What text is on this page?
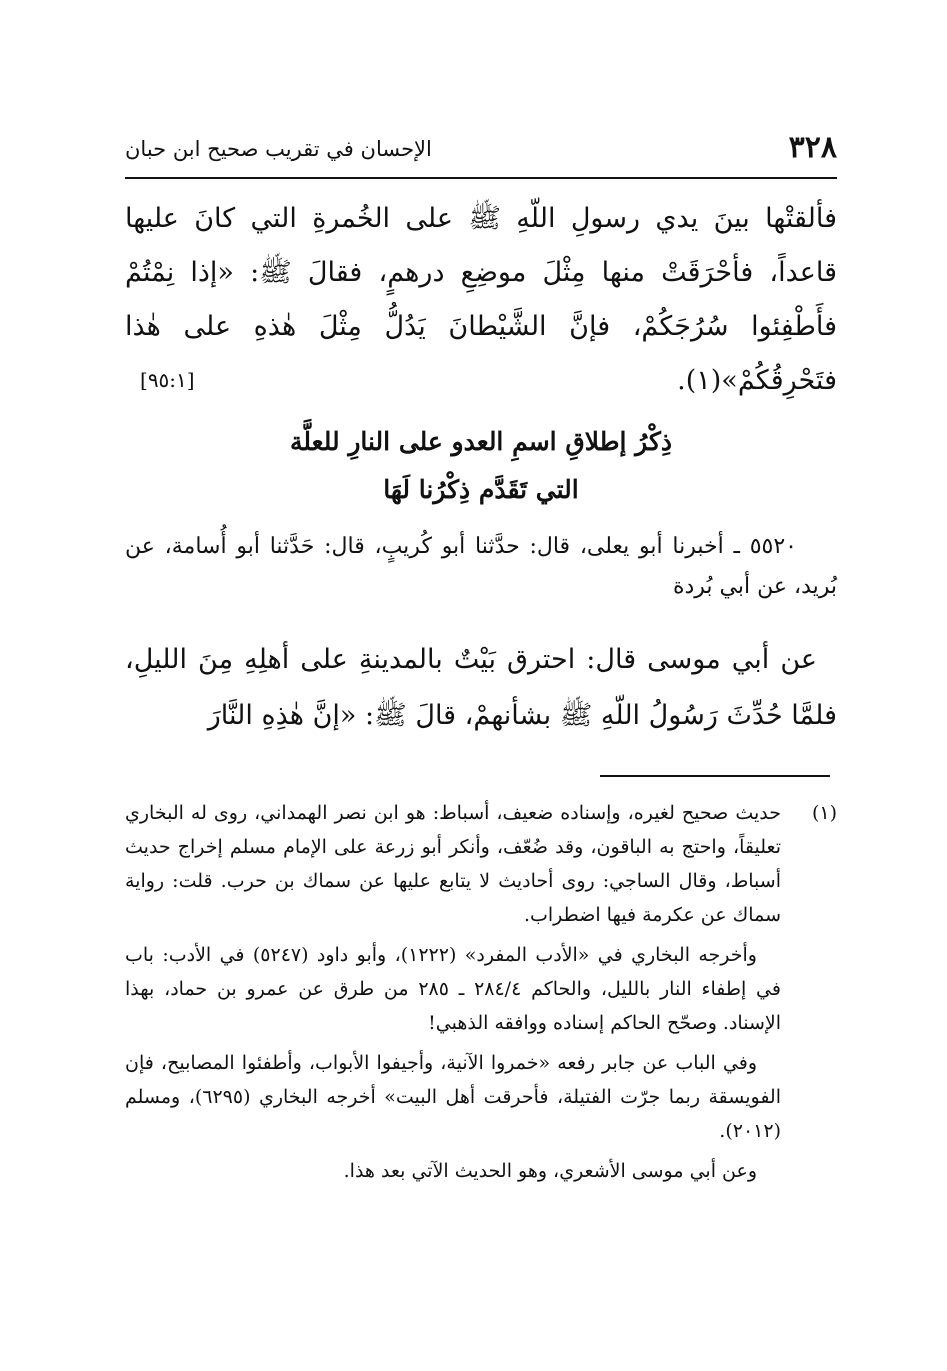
٣٢٨
الإحسان في تقريب صحيح ابن حبان

فألقتْها بينَ يدي رسولِ اللّهِ ﷺ على الخُمرةِ التي كانَ عليها قاعداً، فأحْرَقَتْ منها مِثْلَ موضِعِ درهمٍ، فقالَ ﷺ: «إذا نِمْتُمْ فأَطْفِئوا سُرُجَكُمْ، فإنَّ الشَّيْطانَ يَدُلُّ مِثْلَ هٰذهِ على هٰذا فتَحْرِقُكُمْ»(١).

[٩٥:١]
ذِكْرُ إطلاقِ اسمِ العدو على النارِ للعلَّة
التي تَقَدَّم ذِكْرُنا لَهَا

٥٥٢٠ ـ أخبرنا أبو يعلى، قال: حدَّثنا أبو كُريبٍ، قال: حَدَّثنا أبو أُسامة، عن بُريد، عن أبي بُردة

عن أبي موسى قال: احترق بَيْتٌ بالمدينةِ على أهلِهِ مِنَ الليلِ، فلمَّا حُدِّثَ رَسُولُ اللّهِ ﷺ بشأنهمْ، قالَ ﷺ: «إنَّ هٰذِهِ النَّارَ

(١)
حديث صحيح لغيره، وإسناده ضعيف، أسباط: هو ابن نصر الهمداني، روى له البخاري تعليقاً، واحتج به الباقون، وقد ضُعّف، وأنكر أبو زرعة على الإمام مسلم إخراج حديث أسباط، وقال الساجي: روى أحاديث لا يتابع عليها عن سماك بن حرب. قلت: رواية سماك عن عكرمة فيها اضطراب.

وأخرجه البخاري في «الأدب المفرد» (١٢٢٢)، وأبو داود (٥٢٤٧) في الأدب: باب في إطفاء النار بالليل، والحاكم ٢٨٤/٤ ـ ٢٨٥ من طرق عن عمرو بن حماد، بهذا الإسناد. وصحّح الحاكم إسناده ووافقه الذهبي!

وفي الباب عن جابر رفعه «خمروا الآنية، وأجيفوا الأبواب، وأطفئوا المصابيح، فإن الفويسقة ربما جرّت الفتيلة، فأحرقت أهل البيت» أخرجه البخاري (٦٢٩٥)، ومسلم (٢٠١٢).

وعن أبي موسى الأشعري، وهو الحديث الآتي بعد هذا.
